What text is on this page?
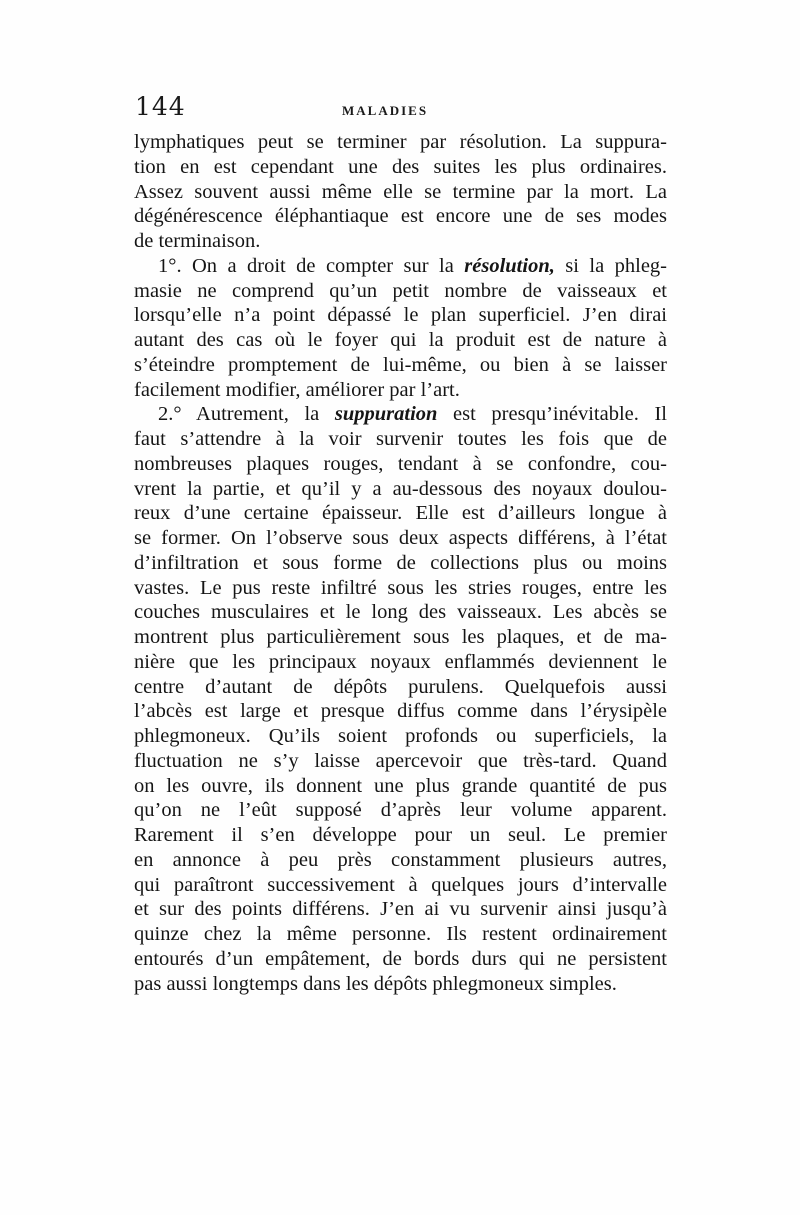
144	MALADIES

lymphatiques peut se terminer par résolution. La suppura-
tion en est cependant une des suites les plus ordinaires.
Assez souvent aussi même elle se termine par la mort. La
dégénérescence éléphantiaque est encore une de ses modes
de terminaison.

1°. On a droit de compter sur la résolution, si la phleg-
masie ne comprend qu’un petit nombre de vaisseaux et
lorsqu’elle n’a point dépassé le plan superficiel. J’en dirai
autant des cas où le foyer qui la produit est de nature à
s’éteindre promptement de lui-même, ou bien à se laisser
facilement modifier, améliorer par l’art.

2.° Autrement, la suppuration est presqu’inévitable. Il
faut s’attendre à la voir survenir toutes les fois que de
nombreuses plaques rouges, tendant à se confondre, cou-
vrent la partie, et qu’il y a au-dessous des noyaux doulou-
reux d’une certaine épaisseur. Elle est d’ailleurs longue à
se former. On l’observe sous deux aspects différens, à l’état
d’infiltration et sous forme de collections plus ou moins
vastes. Le pus reste infiltré sous les stries rouges, entre les
couches musculaires et le long des vaisseaux. Les abcès se
montrent plus particulièrement sous les plaques, et de ma-
nière que les principaux noyaux enflammés deviennent le
centre d’autant de dépôts purulens. Quelquefois aussi
l’abcès est large et presque diffus comme dans l’érysipèle
phlegmoneux. Qu’ils soient profonds ou superficiels, la
fluctuation ne s’y laisse apercevoir que très-tard. Quand
on les ouvre, ils donnent une plus grande quantité de pus
qu’on ne l’eût supposé d’après leur volume apparent.
Rarement il s’en développe pour un seul. Le premier
en annonce à peu près constamment plusieurs autres,
qui paraîtront successivement à quelques jours d’intervalle
et sur des points différens. J’en ai vu survenir ainsi jusqu’à
quinze chez la même personne. Ils restent ordinairement
entourés d’un empâtement, de bords durs qui ne persistent
pas aussi longtemps dans les dépôts phlegmoneux simples.
